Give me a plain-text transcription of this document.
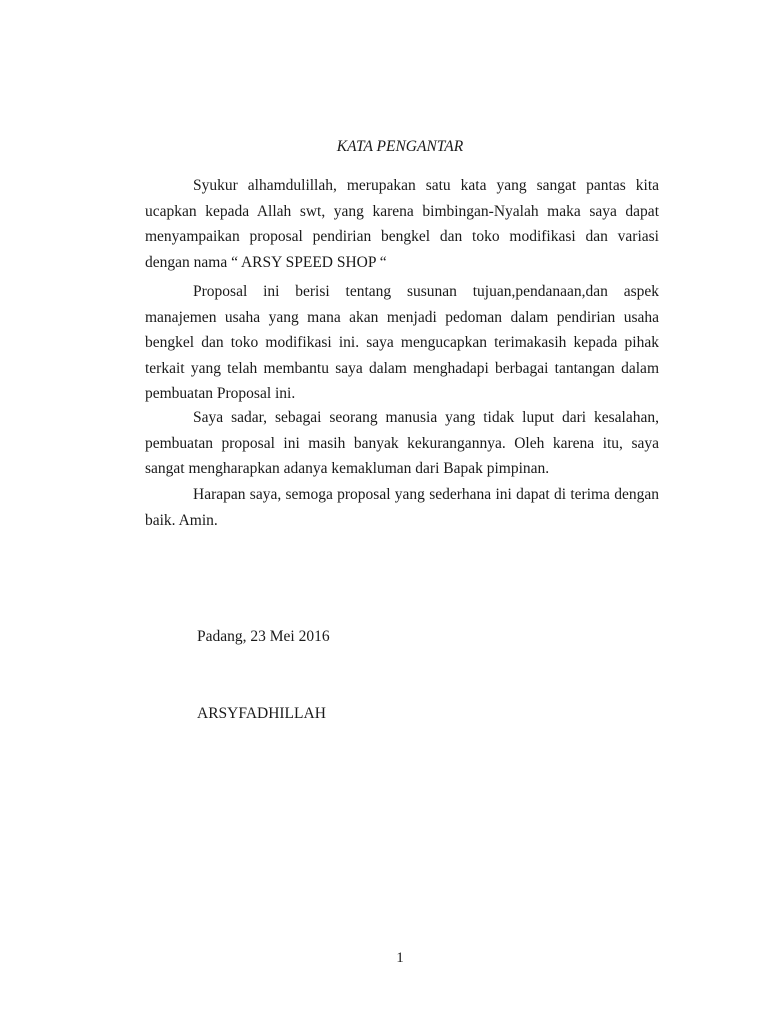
KATA PENGANTAR

Syukur alhamdulillah, merupakan satu kata yang sangat pantas kita ucapkan kepada Allah swt, yang karena bimbingan-Nyalah maka saya dapat menyampaikan proposal pendirian bengkel dan toko modifikasi dan variasi dengan nama “ ARSY SPEED SHOP “

Proposal ini berisi tentang susunan tujuan,pendanaan,dan aspek manajemen usaha yang mana akan menjadi pedoman dalam pendirian usaha bengkel dan toko modifikasi ini. saya mengucapkan terimakasih kepada pihak terkait yang telah membantu saya dalam menghadapi berbagai tantangan dalam pembuatan Proposal ini.

Saya sadar, sebagai seorang manusia yang tidak luput dari kesalahan, pembuatan proposal ini masih banyak kekurangannya. Oleh karena itu, saya sangat mengharapkan adanya kemakluman dari Bapak pimpinan.

Harapan saya, semoga proposal yang sederhana ini dapat di terima dengan baik. Amin.

Padang, 23 Mei 2016

ARSYFADHILLAH

1
